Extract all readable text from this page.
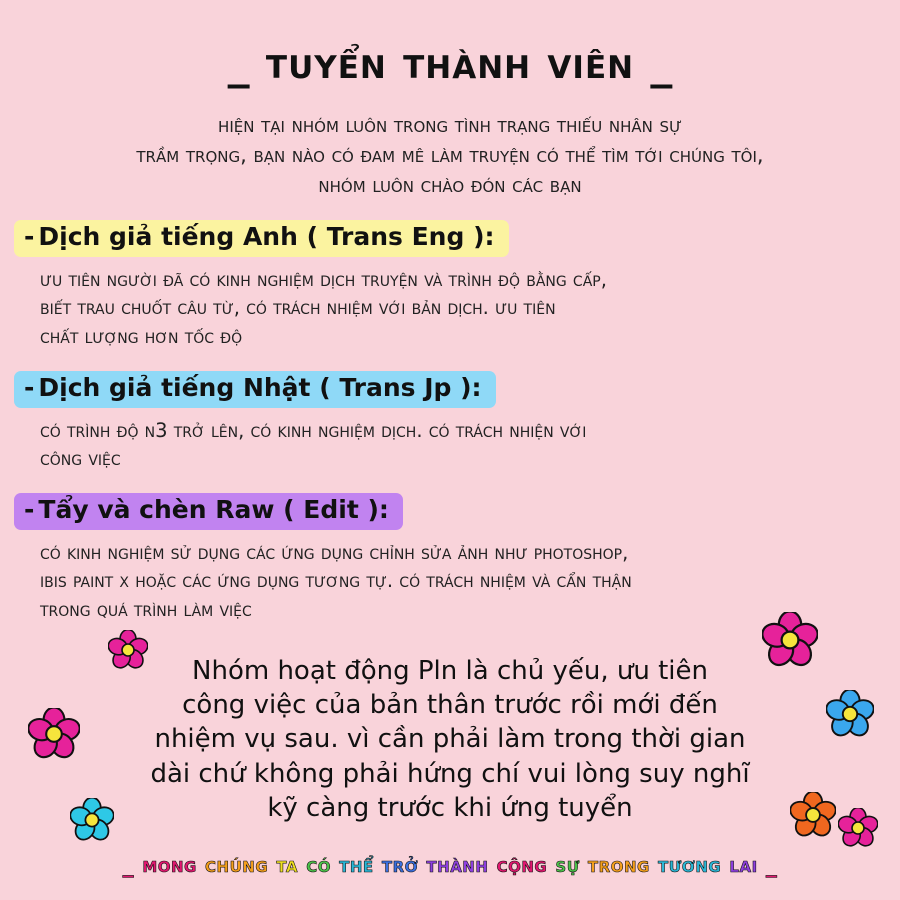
_ tuyển thành viên _
hiện tại nhóm luôn trong tình trạng thiếu nhân sự
trầm trọng, bạn nào có đam mê làm truyện có thể tìm tới chúng tôi,
nhóm luôn chào đón các bạn
- Dịch giả tiếng Anh ( Trans Eng ):
ưu tiên người đã có kinh nghiệm dịch truyện và trình độ bằng cấp,
biết trau chuốt câu từ, có trách nhiệm với bản dịch. ưu tiên
chất lượng hơn tốc độ
- Dịch giả tiếng Nhật ( Trans Jp ):
có trình độ n3 trở lên, có kinh nghiệm dịch. có trách nhiện với
công việc
- Tẩy và chèn Raw ( Edit ):
có kinh nghiệm sử dụng các ứng dụng chỉnh sửa ảnh như photoshop,
ibis paint x hoặc các ứng dụng tương tự. có trách nhiệm và cẩn thận
trong quá trình làm việc
Nhóm hoạt động Pln là chủ yếu, ưu tiên
công việc của bản thân trước rồi mới đến
nhiệm vụ sau. vì cần phải làm trong thời gian
dài chứ không phải hứng chí vui lòng suy nghĩ
kỹ càng trước khi ứng tuyển
_ mong chúng ta có thể trở thành cộng sự trong tương lai _
